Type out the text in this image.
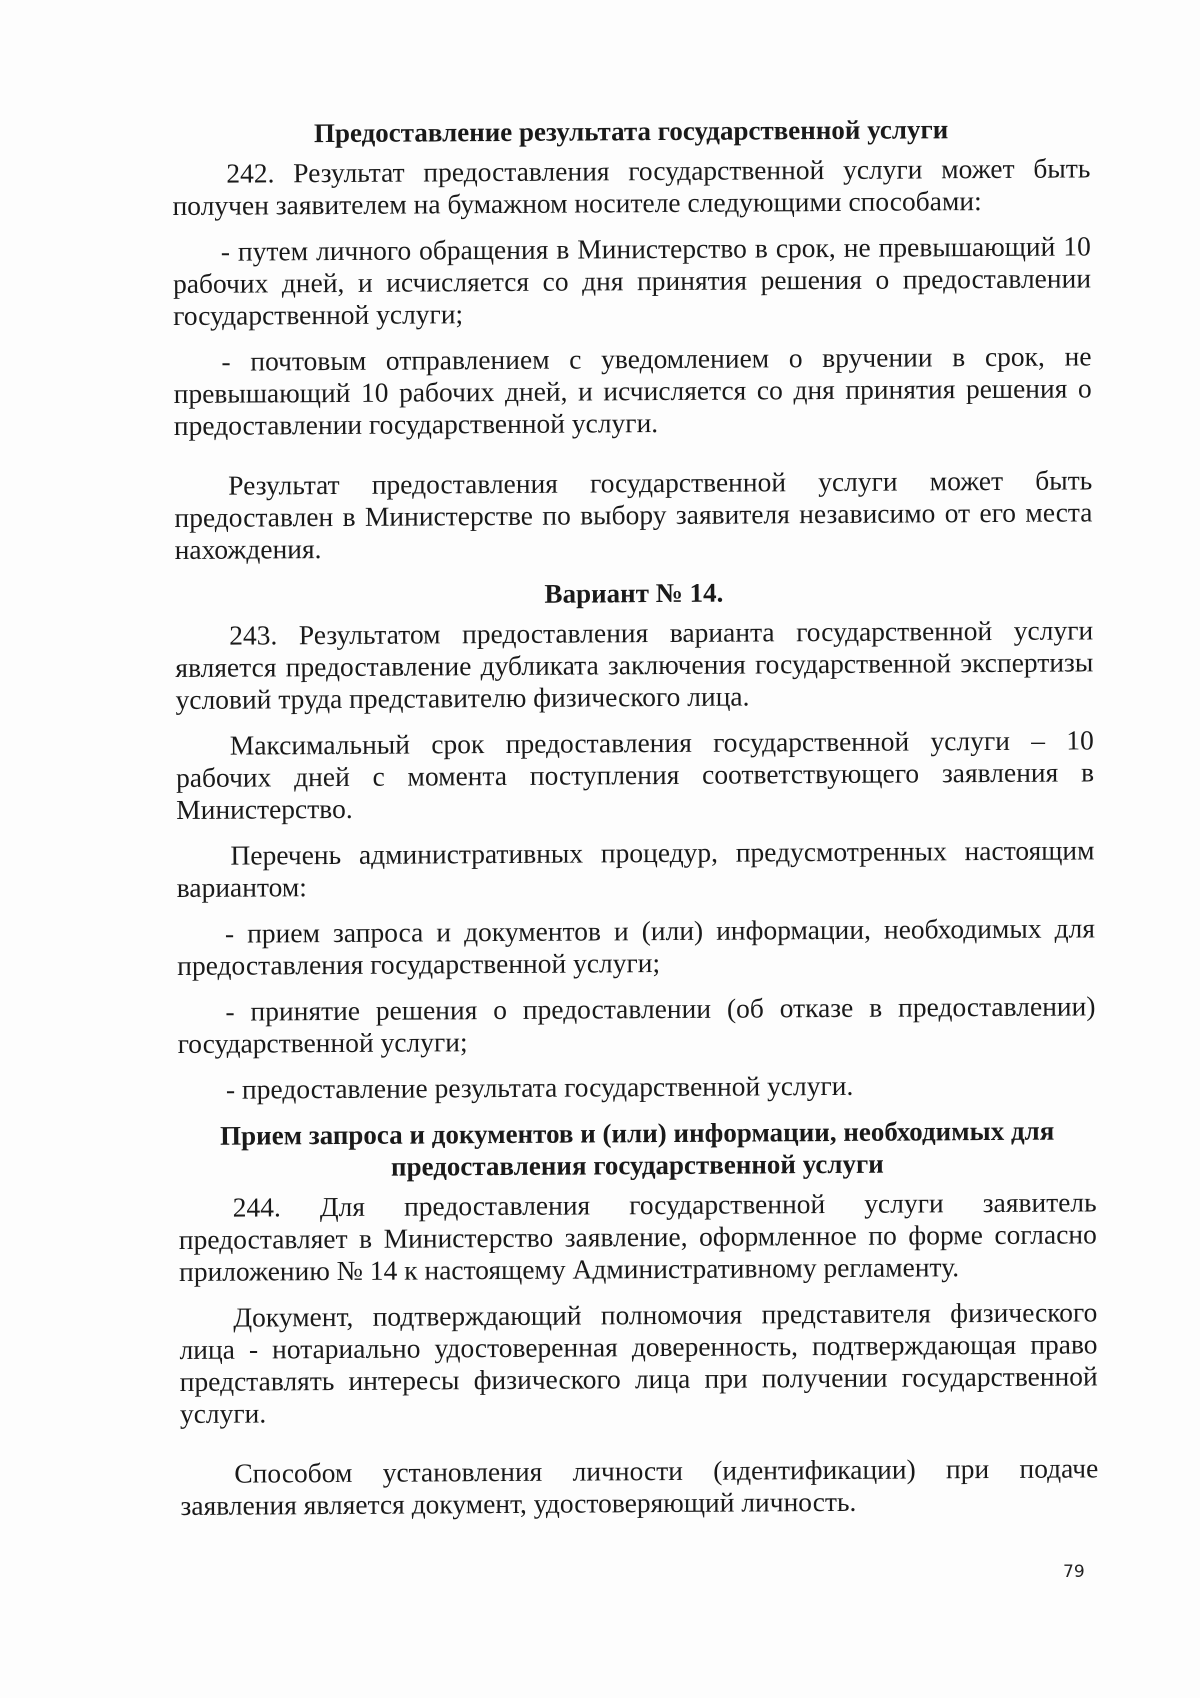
Предоставление результата государственной услуги

242. Результат предоставления государственной услуги может быть получен заявителем на бумажном носителе следующими способами:

- путем личного обращения в Министерство в срок, не превышающий 10 рабочих дней, и исчисляется со дня принятия решения о предоставлении государственной услуги;

- почтовым отправлением с уведомлением о вручении в срок, не превышающий 10 рабочих дней, и исчисляется со дня принятия решения о предоставлении государственной услуги.

Результат предоставления государственной услуги может быть предоставлен в Министерстве по выбору заявителя независимо от его места нахождения.

Вариант № 14.

243. Результатом предоставления варианта государственной услуги является предоставление дубликата заключения государственной экспертизы условий труда представителю физического лица.

Максимальный срок предоставления государственной услуги – 10 рабочих дней с момента поступления соответствующего заявления в Министерство.

Перечень административных процедур, предусмотренных настоящим вариантом:

- прием запроса и документов и (или) информации, необходимых для предоставления государственной услуги;

- принятие решения о предоставлении (об отказе в предоставлении) государственной услуги;

- предоставление результата государственной услуги.

Прием запроса и документов и (или) информации, необходимых для
предоставления государственной услуги

244. Для предоставления государственной услуги заявитель предоставляет в Министерство заявление, оформленное по форме согласно приложению № 14 к настоящему Административному регламенту.

Документ, подтверждающий полномочия представителя физического лица - нотариально удостоверенная доверенность, подтверждающая право представлять интересы физического лица при получении государственной услуги.

Способом установления личности (идентификации) при подаче заявления является документ, удостоверяющий личность.

79
